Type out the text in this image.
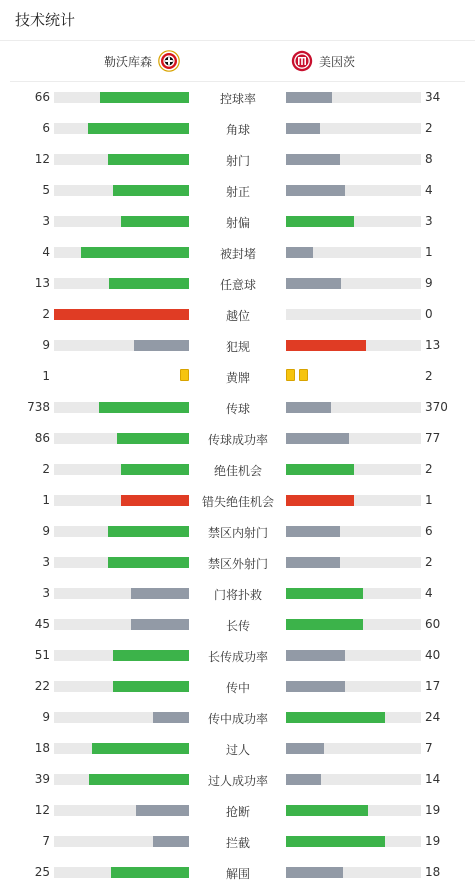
技术统计
勒沃库森	美因茨
66	控球率	34
6	角球	2
12	射门	8
5	射正	4
3	射偏	3
4	被封堵	1
13	任意球	9
2	越位	0
9	犯规	13
1	黄牌	2
738	传球	370
86	传球成功率	77
2	绝佳机会	2
1	错失绝佳机会	1
9	禁区内射门	6
3	禁区外射门	2
3	门将扑救	4
45	长传	60
51	长传成功率	40
22	传中	17
9	传中成功率	24
18	过人	7
39	过人成功率	14
12	抢断	19
7	拦截	19
25	解围	18
